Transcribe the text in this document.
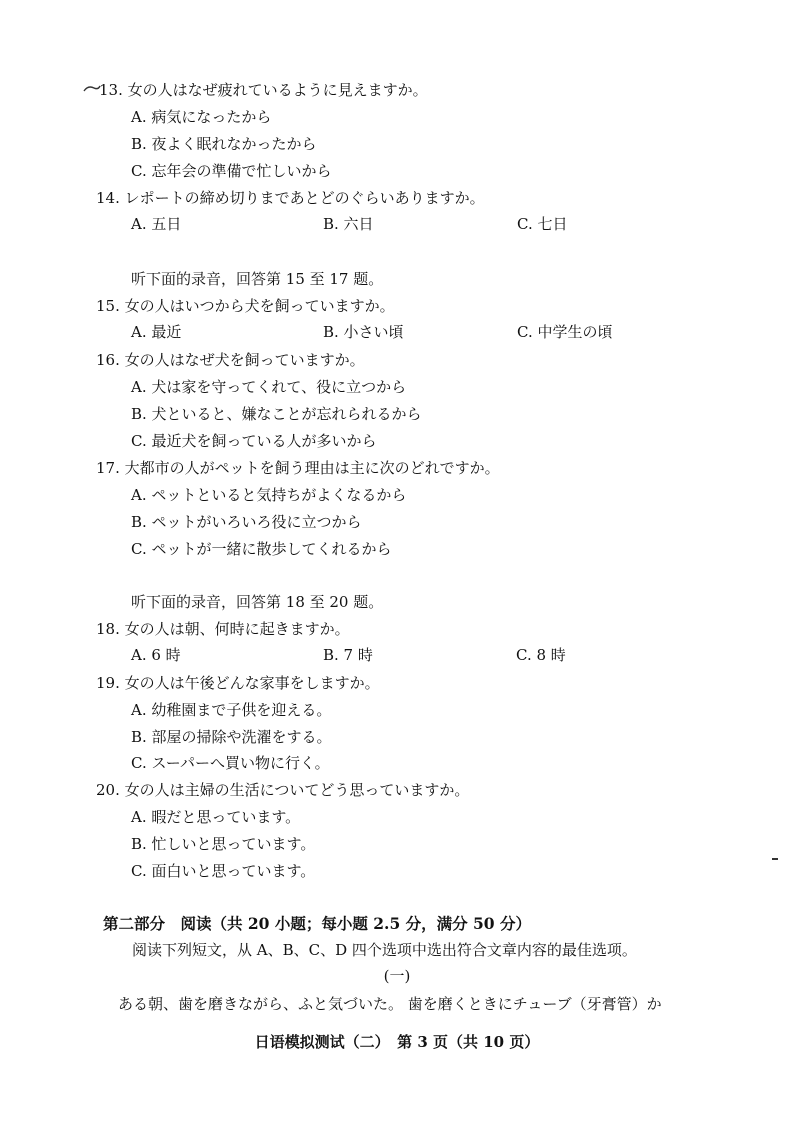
13. 女の人はなぜ疲れているように見えますか。
A. 病気になったから
B. 夜よく眠れなかったから
C. 忘年会の準備で忙しいから
14. レポートの締め切りまであとどのぐらいありますか。
A. 五日	B. 六日	C. 七日
听下面的录音，回答第 15 至 17 题。
15. 女の人はいつから犬を飼っていますか。
A. 最近	B. 小さい頃	C. 中学生の頃
16. 女の人はなぜ犬を飼っていますか。
A. 犬は家を守ってくれて、役に立つから
B. 犬といると、嫌なことが忘れられるから
C. 最近犬を飼っている人が多いから
17. 大都市の人がペットを飼う理由は主に次のどれですか。
A. ペットといると気持ちがよくなるから
B. ペットがいろいろ役に立つから
C. ペットが一緒に散歩してくれるから
听下面的录音，回答第 18 至 20 题。
18. 女の人は朝、何時に起きますか。
A. 6 時	B. 7 時	C. 8 時
19. 女の人は午後どんな家事をしますか。
A. 幼稚園まで子供を迎える。
B. 部屋の掃除や洗濯をする。
C. スーパーへ買い物に行く。
20. 女の人は主婦の生活についてどう思っていますか。
A. 暇だと思っています。
B. 忙しいと思っています。
C. 面白いと思っています。
第二部分　阅读（共 20 小题；每小题 2.5 分，满分 50 分）
阅读下列短文，从 A、B、C、D 四个选项中选出符合文章内容的最佳选项。
(一)
ある朝、歯を磨きながら、ふと気づいた。 歯を磨くときにチューブ（牙膏管）か
日语模拟测试（二）　第 3 页（共 10 页）
